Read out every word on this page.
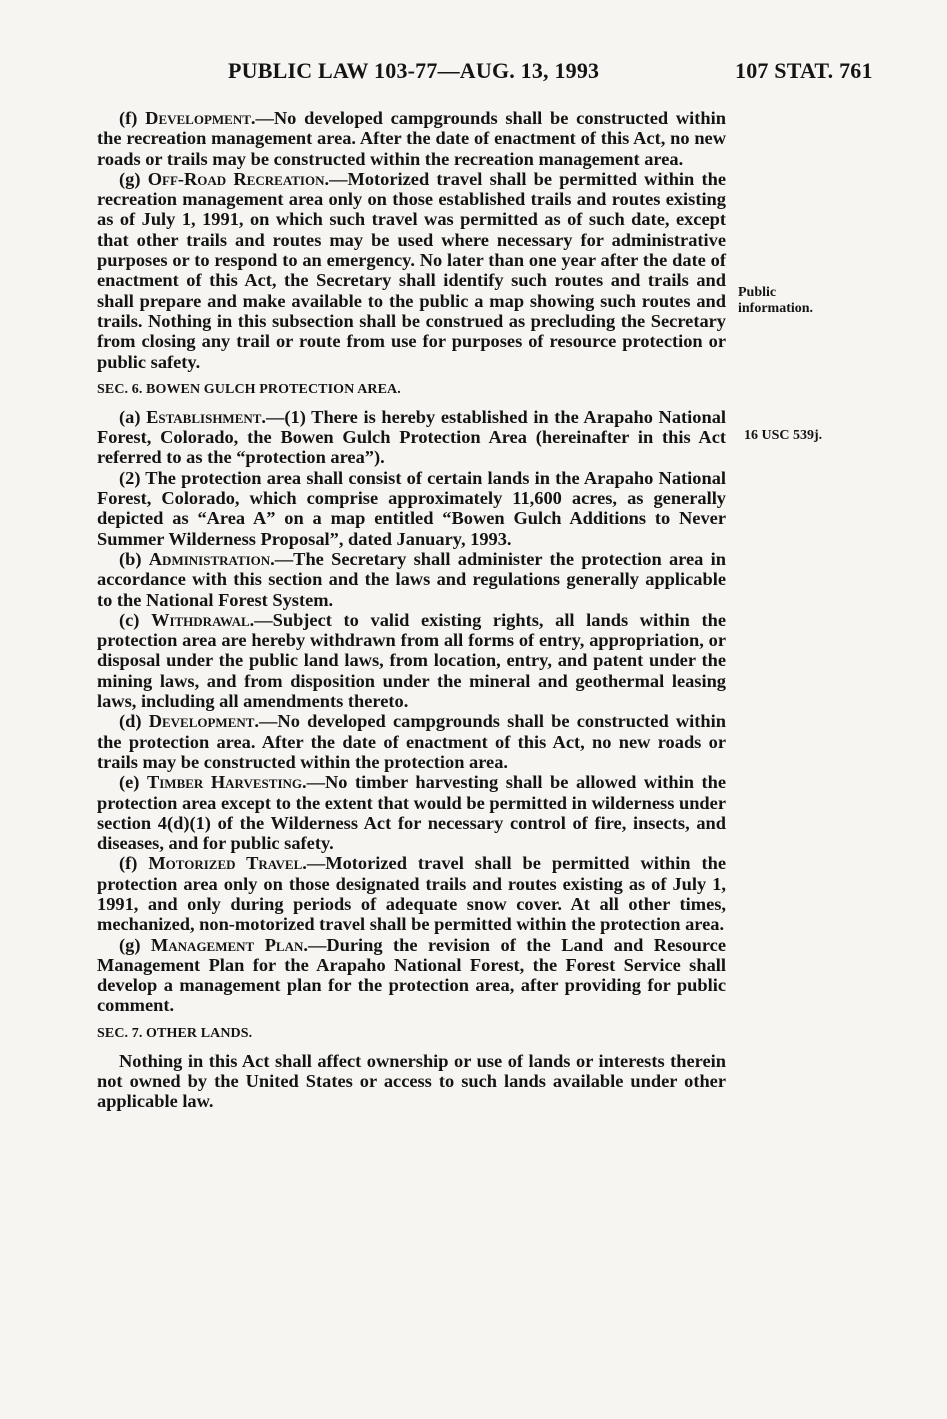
PUBLIC LAW 103-77—AUG. 13, 1993	107 STAT. 761
Public
information.
16 USC 539j.

(f) Development.—No developed campgrounds shall be constructed within the recreation management area. After the date of enactment of this Act, no new roads or trails may be constructed within the recreation management area.

(g) Off-Road Recreation.—Motorized travel shall be permitted within the recreation management area only on those established trails and routes existing as of July 1, 1991, on which such travel was permitted as of such date, except that other trails and routes may be used where necessary for administrative purposes or to respond to an emergency. No later than one year after the date of enactment of this Act, the Secretary shall identify such routes and trails and shall prepare and make available to the public a map showing such routes and trails. Nothing in this subsection shall be construed as precluding the Secretary from closing any trail or route from use for purposes of resource protection or public safety.

SEC. 6. BOWEN GULCH PROTECTION AREA.

(a) Establishment.—(1) There is hereby established in the Arapaho National Forest, Colorado, the Bowen Gulch Protection Area (hereinafter in this Act referred to as the “protection area”).

(2) The protection area shall consist of certain lands in the Arapaho National Forest, Colorado, which comprise approximately 11,600 acres, as generally depicted as “Area A” on a map entitled “Bowen Gulch Additions to Never Summer Wilderness Proposal”, dated January, 1993.

(b) Administration.—The Secretary shall administer the protection area in accordance with this section and the laws and regulations generally applicable to the National Forest System.

(c) Withdrawal.—Subject to valid existing rights, all lands within the protection area are hereby withdrawn from all forms of entry, appropriation, or disposal under the public land laws, from location, entry, and patent under the mining laws, and from disposition under the mineral and geothermal leasing laws, including all amendments thereto.

(d) Development.—No developed campgrounds shall be constructed within the protection area. After the date of enactment of this Act, no new roads or trails may be constructed within the protection area.

(e) Timber Harvesting.—No timber harvesting shall be allowed within the protection area except to the extent that would be permitted in wilderness under section 4(d)(1) of the Wilderness Act for necessary control of fire, insects, and diseases, and for public safety.

(f) Motorized Travel.—Motorized travel shall be permitted within the protection area only on those designated trails and routes existing as of July 1, 1991, and only during periods of adequate snow cover. At all other times, mechanized, non-motorized travel shall be permitted within the protection area.

(g) Management Plan.—During the revision of the Land and Resource Management Plan for the Arapaho National Forest, the Forest Service shall develop a management plan for the protection area, after providing for public comment.

SEC. 7. OTHER LANDS.

Nothing in this Act shall affect ownership or use of lands or interests therein not owned by the United States or access to such lands available under other applicable law.
